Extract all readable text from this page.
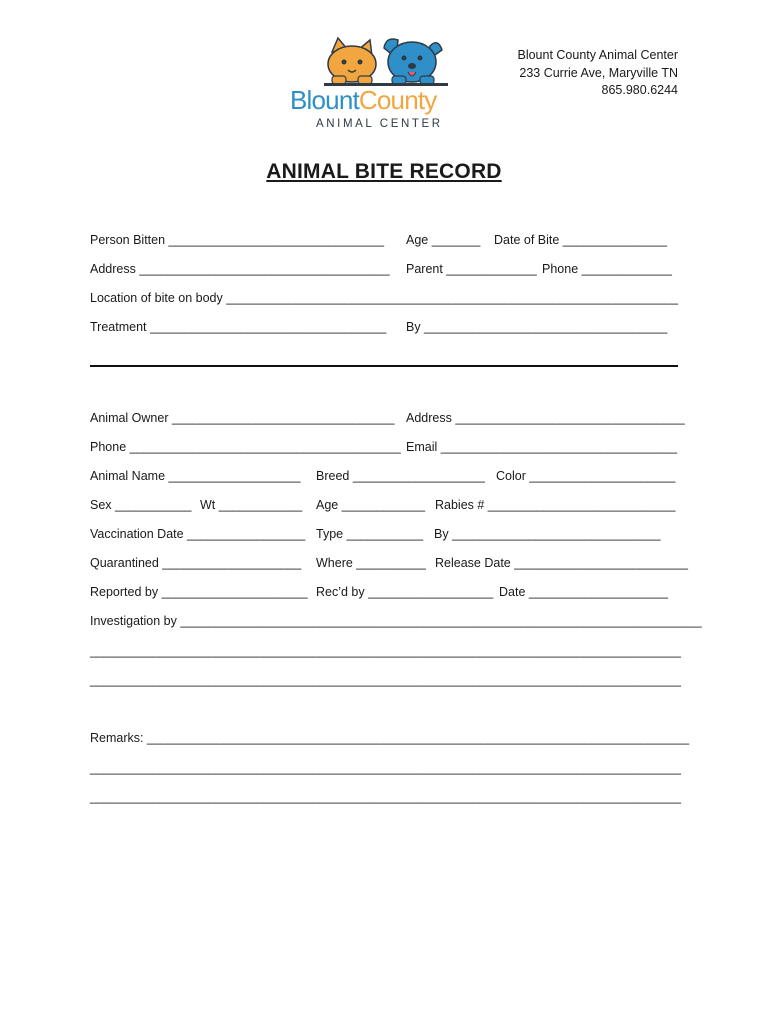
BlountCounty
ANIMAL CENTER
Blount County Animal Center
233 Currie Ave, Maryville TN
865.980.6244
ANIMAL BITE RECORD
Person Bitten _______________________________ Age _______ Date of Bite _______________
Address ____________________________________ Parent _____________ Phone _____________
Location of bite on body _________________________________________________________________
Treatment __________________________________ By ___________________________________
Animal Owner ________________________________ Address _________________________________
Phone _______________________________________ Email __________________________________
Animal Name ___________________ Breed ___________________ Color _____________________
Sex ___________ Wt ____________ Age ____________ Rabies # ___________________________
Vaccination Date _________________ Type ___________ By ______________________________
Quarantined ____________________ Where __________ Release Date _________________________
Reported by _____________________ Rec’d by __________________ Date ____________________
Investigation by ___________________________________________________________________________
_____________________________________________________________________________________
_____________________________________________________________________________________
Remarks: ______________________________________________________________________________
_____________________________________________________________________________________
_____________________________________________________________________________________
